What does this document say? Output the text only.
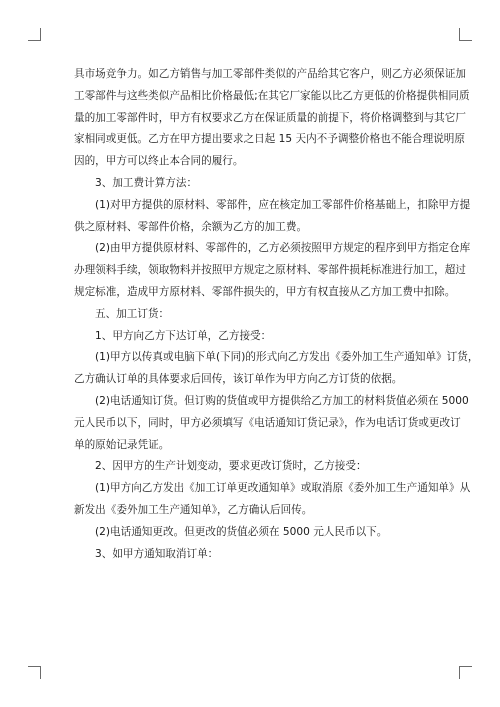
具市场竞争力。如乙方销售与加工零部件类似的产品给其它客户，则乙方必须保证加
工零部件与这些类似产品相比价格最低;在其它厂家能以比乙方更低的价格提供相同质
量的加工零部件时，甲方有权要求乙方在保证质量的前提下，将价格调整到与其它厂
家相同或更低。乙方在甲方提出要求之日起 15 天内不予调整价格也不能合理说明原
因的，甲方可以终止本合同的履行。
3、加工费计算方法：
(1)对甲方提供的原材料、零部件，应在核定加工零部件价格基础上，扣除甲方提
供之原材料、零部件价格，余额为乙方的加工费。
(2)由甲方提供原材料、零部件的，乙方必须按照甲方规定的程序到甲方指定仓库
办理领料手续，领取物料并按照甲方规定之原材料、零部件损耗标准进行加工，超过
规定标准，造成甲方原材料、零部件损失的，甲方有权直接从乙方加工费中扣除。
五、加工订货：
1、甲方向乙方下达订单，乙方接受：
(1)甲方以传真或电脑下单(下同)的形式向乙方发出《委外加工生产通知单》订货，
乙方确认订单的具体要求后回传，该订单作为甲方向乙方订货的依据。
(2)电话通知订货。但订购的货值或甲方提供给乙方加工的材料货值必须在 5000
元人民币以下，同时，甲方必须填写《电话通知订货记录》，作为电话订货或更改订
单的原始记录凭证。
2、因甲方的生产计划变动，要求更改订货时，乙方接受：
(1)甲方向乙方发出《加工订单更改通知单》或取消原《委外加工生产通知单》从
新发出《委外加工生产通知单》，乙方确认后回传。
(2)电话通知更改。但更改的货值必须在 5000 元人民币以下。
3、如甲方通知取消订单：
